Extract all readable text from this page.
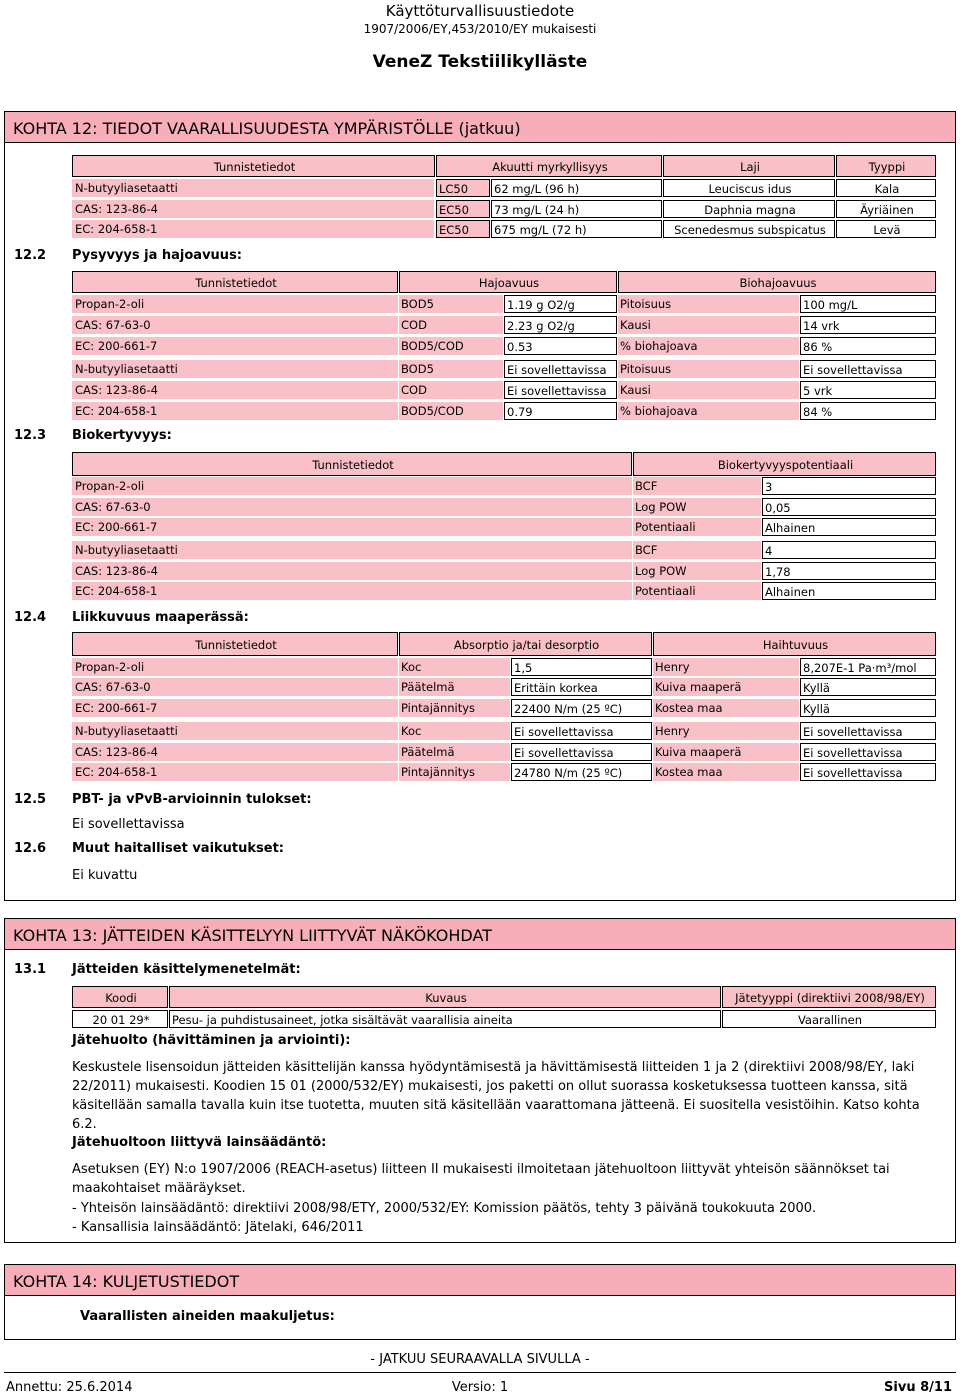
Käyttöturvallisuustiedote
1907/2006/EY,453/2010/EY mukaisesti
VeneZ Tekstiilikylläste
KOHTA 12: TIEDOT VAARALLISUUDESTA YMPÄRISTÖLLE (jatkuu)
Tunnistetiedot	Akuutti myrkyllisyys	Laji	Tyyppi
N-butyyliasetaatti	LC50	62 mg/L (96 h)	Leuciscus idus	Kala
CAS: 123-86-4	EC50	73 mg/L (24 h)	Daphnia magna	Äyriäinen
EC: 204-658-1	EC50	675 mg/L (72 h)	Scenedesmus subspicatus	Levä
12.2 Pysyvyys ja hajoavuus:
Tunnistetiedot	Hajoavuus	Biohajoavuus
Propan-2-oli	BOD5	1.19 g O2/g	Pitoisuus	100 mg/L
CAS: 67-63-0	COD	2.23 g O2/g	Kausi	14 vrk
EC: 200-661-7	BOD5/COD	0.53	% biohajoava	86 %
N-butyyliasetaatti	BOD5	Ei sovellettavissa	Pitoisuus	Ei sovellettavissa
CAS: 123-86-4	COD	Ei sovellettavissa	Kausi	5 vrk
EC: 204-658-1	BOD5/COD	0.79	% biohajoava	84 %
12.3 Biokertyvyys:
Tunnistetiedot	Biokertyvyyspotentiaali
Propan-2-oli	BCF	3
CAS: 67-63-0	Log POW	0,05
EC: 200-661-7	Potentiaali	Alhainen
N-butyyliasetaatti	BCF	4
CAS: 123-86-4	Log POW	1,78
EC: 204-658-1	Potentiaali	Alhainen
12.4 Liikkuvuus maaperässä:
Tunnistetiedot	Absorptio ja/tai desorptio	Haihtuvuus
Propan-2-oli	Koc	1,5	Henry	8,207E-1 Pa·m³/mol
CAS: 67-63-0	Päätelmä	Erittäin korkea	Kuiva maaperä	Kyllä
EC: 200-661-7	Pintajännitys	22400 N/m (25 ºC)	Kostea maa	Kyllä
N-butyyliasetaatti	Koc	Ei sovellettavissa	Henry	Ei sovellettavissa
CAS: 123-86-4	Päätelmä	Ei sovellettavissa	Kuiva maaperä	Ei sovellettavissa
EC: 204-658-1	Pintajännitys	24780 N/m (25 ºC)	Kostea maa	Ei sovellettavissa
12.5 PBT- ja vPvB-arvioinnin tulokset:
Ei sovellettavissa
12.6 Muut haitalliset vaikutukset:
Ei kuvattu
KOHTA 13: JÄTTEIDEN KÄSITTELYYN LIITTYVÄT NÄKÖKOHDAT
13.1 Jätteiden käsittelymenetelmät:
Koodi	Kuvaus	Jätetyyppi (direktiivi 2008/98/EY)
20 01 29*	Pesu- ja puhdistusaineet, jotka sisältävät vaarallisia aineita	Vaarallinen
Jätehuolto (hävittäminen ja arviointi):
Keskustele lisensoidun jätteiden käsittelijän kanssa hyödyntämisestä ja hävittämisestä liitteiden 1 ja 2 (direktiivi 2008/98/EY, laki 22/2011) mukaisesti. Koodien 15 01 (2000/532/EY) mukaisesti, jos paketti on ollut suorassa kosketuksessa tuotteen kanssa, sitä käsitellään samalla tavalla kuin itse tuotetta, muuten sitä käsitellään vaarattomana jätteenä. Ei suositella vesistöihin. Katso kohta 6.2.
Jätehuoltoon liittyvä lainsäädäntö:
Asetuksen (EY) N:o 1907/2006 (REACH-asetus) liitteen II mukaisesti ilmoitetaan jätehuoltoon liittyvät yhteisön säännökset tai maakohtaiset määräykset.
- Yhteisön lainsäädäntö: direktiivi 2008/98/ETY, 2000/532/EY: Komission päätös, tehty 3 päivänä toukokuuta 2000.
- Kansallisia lainsäädäntö: Jätelaki, 646/2011
KOHTA 14: KULJETUSTIEDOT
Vaarallisten aineiden maakuljetus:
- JATKUU SEURAAVALLA SIVULLA -
Annettu: 25.6.2014	Versio: 1	Sivu 8/11
